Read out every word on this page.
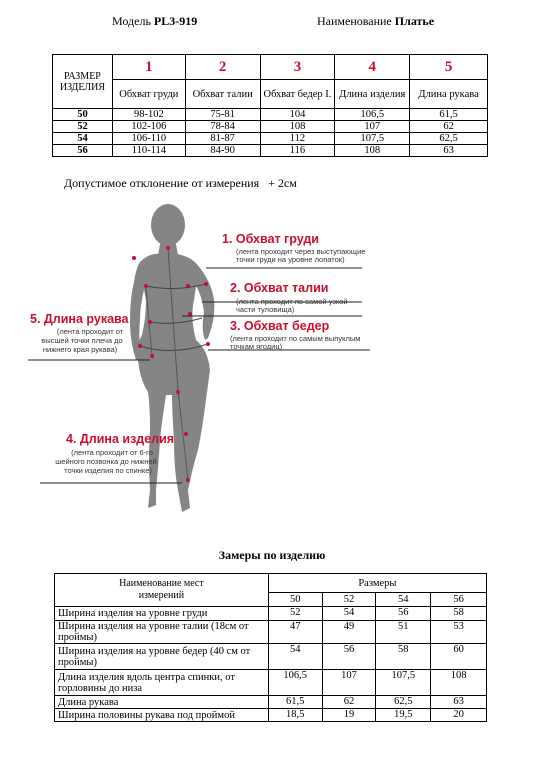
Модель PL3-919	Наименование Платье
РАЗМЕР ИЗДЕЛИЯ	1	2	3	4	5
	Обхват груди	Обхват талии	Обхват бедер I.	Длина изделия	Длина рукава
50	98-102	75-81	104	106,5	61,5
52	102-106	78-84	108	107	62
54	106-110	81-87	112	107,5	62,5
56	110-114	84-90	116	108	63
Допустимое отклонение от измерения + 2см
1. Обхват груди
(лента проходит через выступающие
точки груди на уровне лопаток)
2. Обхват талии
(лента проходит по самой узкой
части туловища)
3. Обхват бедер
(лента проходит по самым выпуклым
точкам ягодиц)
4. Длина изделия
(лента проходит от 6-го
шейного позвонка до нижней
точки изделия по спинке)
5. Длина рукава
(лента проходит от
высшей точки плеча до
нижнего края рукава)
Замеры по изделию
Наименование мест измерений	Размеры			
	50	52	54	56
Ширина изделия на уровне груди	52	54	56	58
Ширина изделия на уровне талии (18см от проймы)	47	49	51	53
Ширина изделия на уровне бедер (40 см от проймы)	54	56	58	60
Длина изделия вдоль центра спинки, от горловины до низа	106,5	107	107,5	108
Длина рукава	61,5	62	62,5	63
Ширина половины рукава под проймой	18,5	19	19,5	20
